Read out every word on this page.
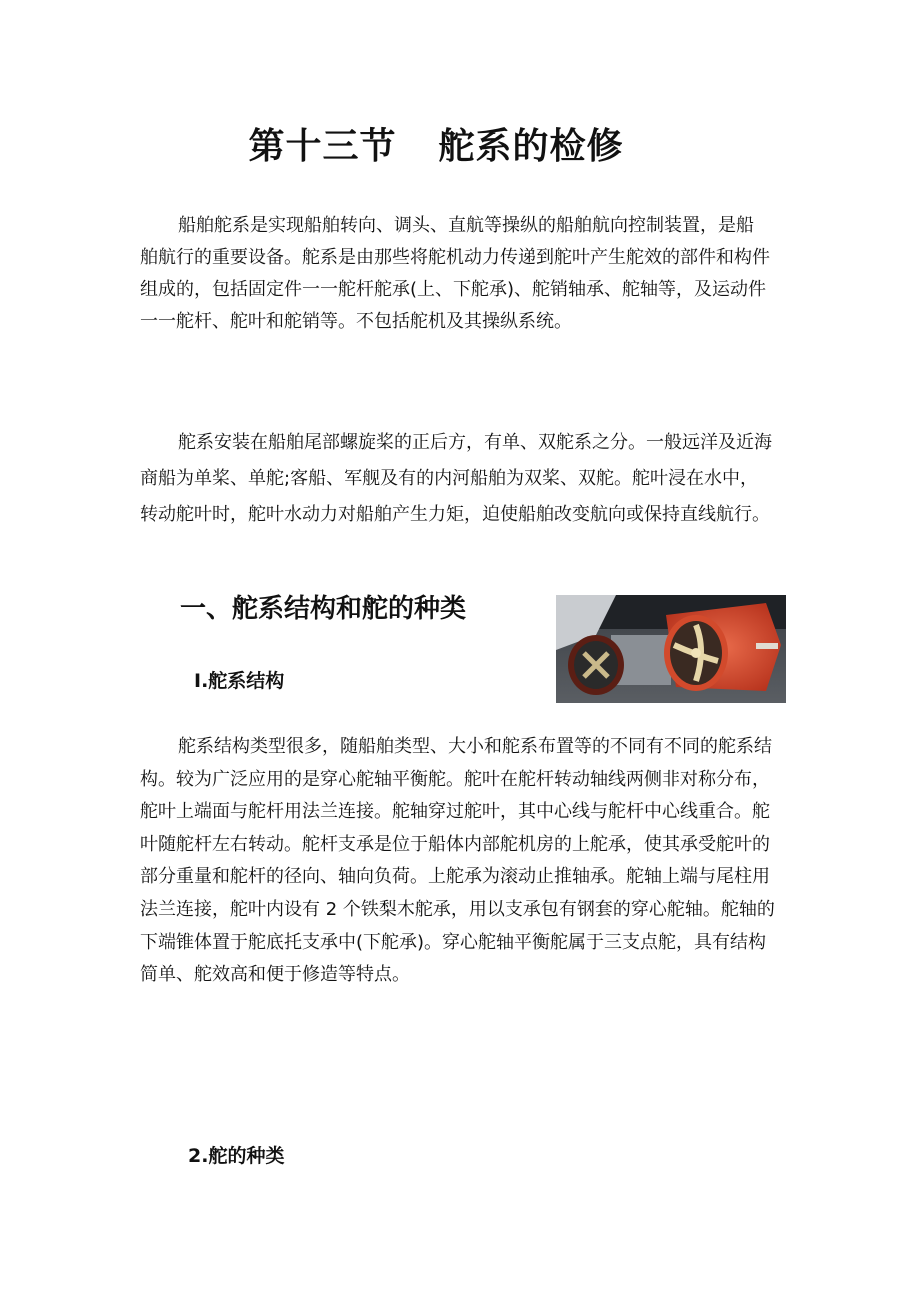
第十三节 舵系的检修
船舶舵系是实现船舶转向、调头、直航等操纵的船舶航向控制装置，是船
舶航行的重要设备。舵系是由那些将舵机动力传递到舵叶产生舵效的部件和构件
组成的，包括固定件一一舵杆舵承(上、下舵承)、舵销轴承、舵轴等，及运动件
一一舵杆、舵叶和舵销等。不包括舵机及其操纵系统。
舵系安装在船舶尾部螺旋桨的正后方，有单、双舵系之分。一般远洋及近海
商船为单桨、单舵;客船、军舰及有的内河船舶为双桨、双舵。舵叶浸在水中，
转动舵叶时，舵叶水动力对船舶产生力矩，迫使船舶改变航向或保持直线航行。
一、舵系结构和舵的种类
I.舵系结构
舵系结构类型很多，随船舶类型、大小和舵系布置等的不同有不同的舵系结
构。较为广泛应用的是穿心舵轴平衡舵。舵叶在舵杆转动轴线两侧非对称分布，
舵叶上端面与舵杆用法兰连接。舵轴穿过舵叶，其中心线与舵杆中心线重合。舵
叶随舵杆左右转动。舵杆支承是位于船体内部舵机房的上舵承，使其承受舵叶的
部分重量和舵杆的径向、轴向负荷。上舵承为滚动止推轴承。舵轴上端与尾柱用
法兰连接，舵叶内设有 2 个铁梨木舵承，用以支承包有钢套的穿心舵轴。舵轴的
下端锥体置于舵底托支承中(下舵承)。穿心舵轴平衡舵属于三支点舵，具有结构
简单、舵效高和便于修造等特点。
2.舵的种类
